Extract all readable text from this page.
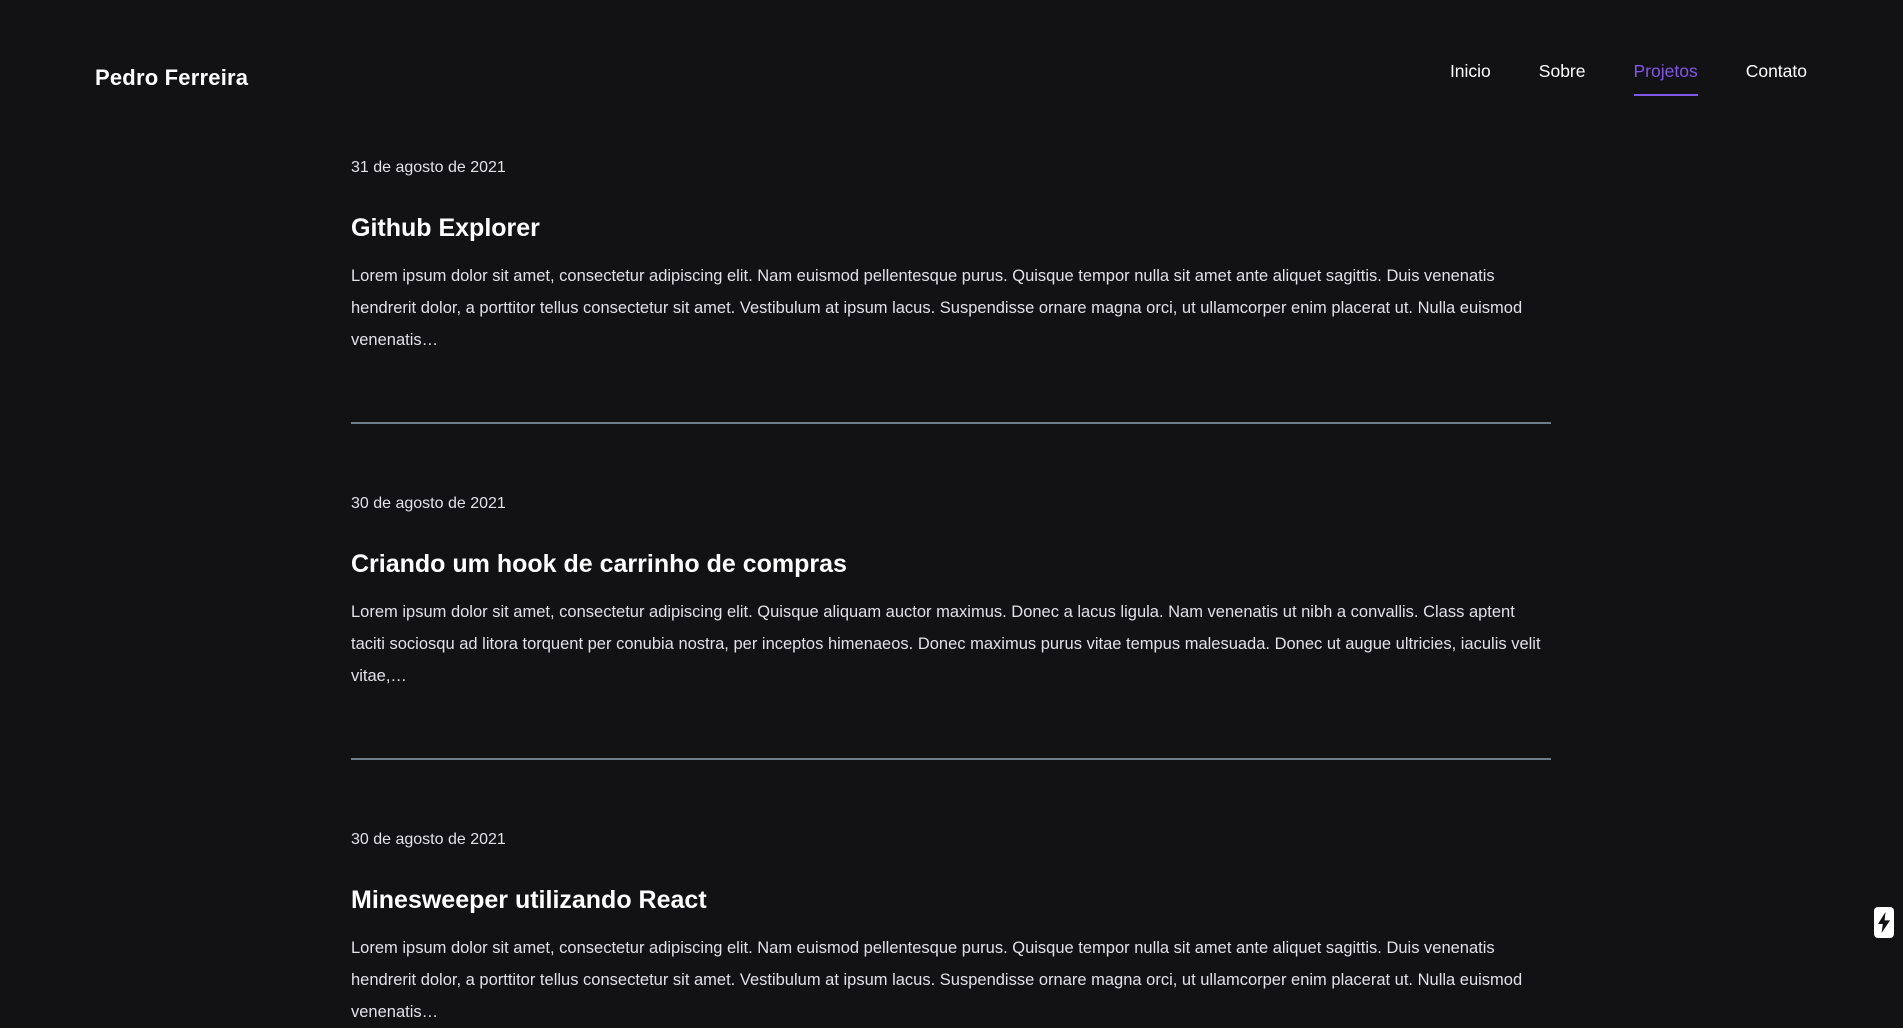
Pedro Ferreira	Inicio	Sobre	Projetos	Contato

31 de agosto de 2021

Github Explorer

Lorem ipsum dolor sit amet, consectetur adipiscing elit. Nam euismod pellentesque purus. Quisque tempor nulla sit amet ante aliquet sagittis. Duis venenatis hendrerit dolor, a porttitor tellus consectetur sit amet. Vestibulum at ipsum lacus. Suspendisse ornare magna orci, ut ullamcorper enim placerat ut. Nulla euismod venenatis…

30 de agosto de 2021

Criando um hook de carrinho de compras

Lorem ipsum dolor sit amet, consectetur adipiscing elit. Quisque aliquam auctor maximus. Donec a lacus ligula. Nam venenatis ut nibh a convallis. Class aptent taciti sociosqu ad litora torquent per conubia nostra, per inceptos himenaeos. Donec maximus purus vitae tempus malesuada. Donec ut augue ultricies, iaculis velit vitae,…

30 de agosto de 2021

Minesweeper utilizando React

Lorem ipsum dolor sit amet, consectetur adipiscing elit. Nam euismod pellentesque purus. Quisque tempor nulla sit amet ante aliquet sagittis. Duis venenatis hendrerit dolor, a porttitor tellus consectetur sit amet. Vestibulum at ipsum lacus. Suspendisse ornare magna orci, ut ullamcorper enim placerat ut. Nulla euismod venenatis…
